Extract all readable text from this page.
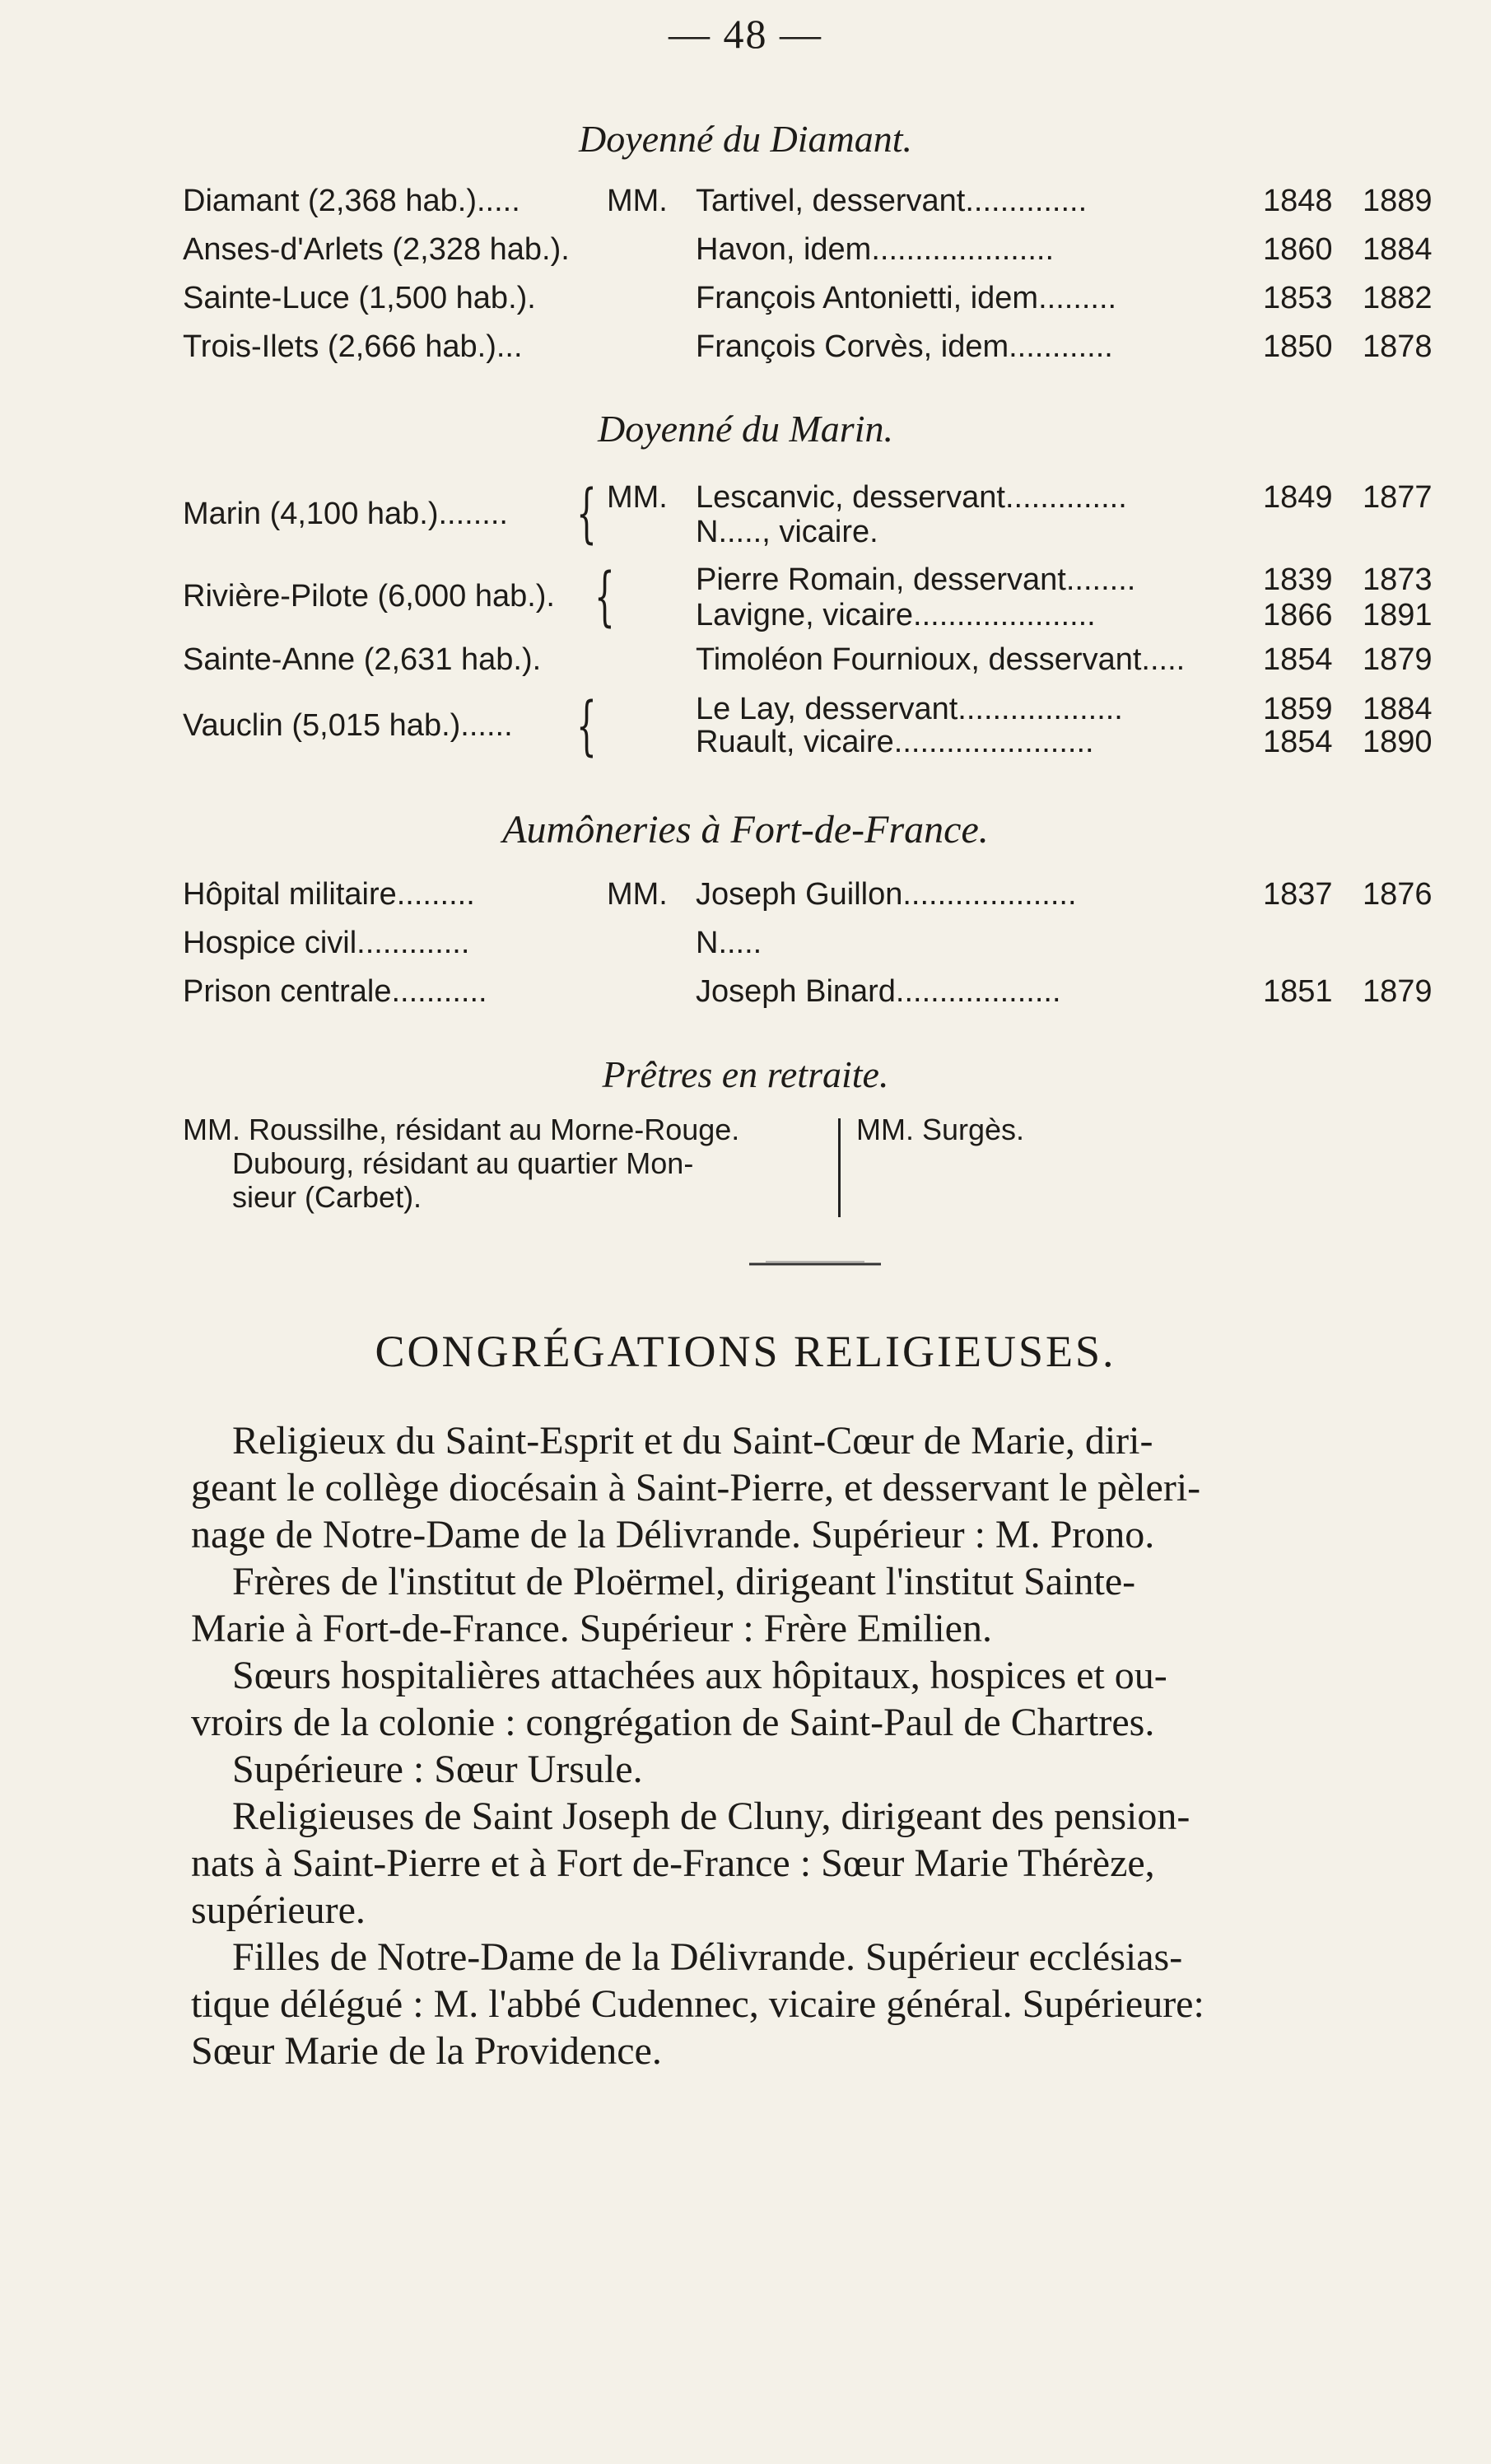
— 48 —
Doyenné du Diamant.
Diamant (2,368 hab.).....	MM. Tartivel, desservant..............	1848 1889
Anses-d'Arlets (2,328 hab.).	Havon, idem.....................	1860 1884
Sainte-Luce (1,500 hab.).	François Antonietti, idem.........	1853 1882
Trois-Ilets (2,666 hab.)...	François Corvès, idem............	1850 1878
Doyenné du Marin.
Marin (4,100 hab.)........	MM. Lescanvic, desservant..............	1849 1877
{	N....., vicaire.
Rivière-Pilote (6,000 hab.).	Pierre Romain, desservant........	1839 1873
{	Lavigne, vicaire.....................	1866 1891
Sainte-Anne (2,631 hab.).	Timoléon Fournioux, desservant.....	1854 1879
Vauclin (5,015 hab.)......	Le Lay, desservant...................	1859 1884
{	Ruault, vicaire.......................	1854 1890
Aumôneries à Fort-de-France.
Hôpital militaire.........	MM. Joseph Guillon....................	1837 1876
Hospice civil.............	N.....
Prison centrale...........	Joseph Binard...................	1851 1879
Prêtres en retraite.
MM. Roussilhe, résidant au Morne-Rouge.
Dubourg, résidant au quartier Mon-
sieur (Carbet).
MM. Surgès.
CONGRÉGATIONS RELIGIEUSES.

Religieux du Saint-Esprit et du Saint-Cœur de Marie, diri-

geant le collège diocésain à Saint-Pierre, et desservant le pèleri-

nage de Notre-Dame de la Délivrande. Supérieur : M. Prono.

Frères de l'institut de Ploërmel, dirigeant l'institut Sainte-

Marie à Fort-de-France. Supérieur : Frère Emilien.

Sœurs hospitalières attachées aux hôpitaux, hospices et ou-

vroirs de la colonie : congrégation de Saint-Paul de Chartres.

Supérieure : Sœur Ursule.

Religieuses de Saint Joseph de Cluny, dirigeant des pension-

nats à Saint-Pierre et à Fort de-France : Sœur Marie Thérèze,

supérieure.

Filles de Notre-Dame de la Délivrande. Supérieur ecclésias-

tique délégué : M. l'abbé Cudennec, vicaire général. Supérieure:

Sœur Marie de la Providence.
